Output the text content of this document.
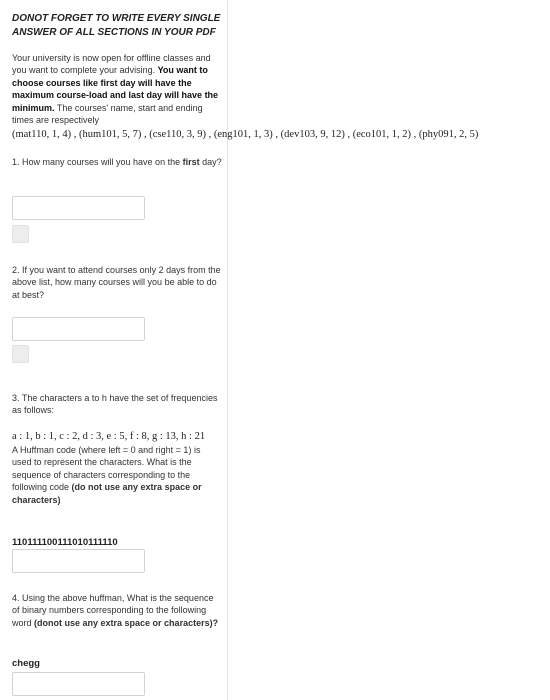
DONOT FORGET TO WRITE EVERY SINGLE ANSWER OF ALL SECTIONS IN YOUR PDF
Your university is now open for offline classes and you want to complete your advising. You want to choose courses like first day will have the maximum course-load and last day will have the minimum. The courses' name, start and ending times are respectively
(mat110, 1, 4) , (hum101, 5, 7) , (cse110, 3, 9) , (eng101, 1, 3) , (dev103, 9, 12) , (eco101, 1, 2) , (phy091, 2, 5)
1. How many courses will you have on the first day?
2. If you want to attend courses only 2 days from the above list, how many courses will you be able to do at best?
3. The characters a to h have the set of frequencies as follows:
a : 1, b : 1, c : 2, d : 3, e : 5, f : 8, g : 13, h : 21
A Huffman code (where left = 0 and right = 1) is used to represent the characters. What is the sequence of characters corresponding to the following code (do not use any extra space or characters)
110111100111010111110
4. Using the above huffman, What is the sequence of binary numbers corresponding to the following word (donot use any extra space or characters)?
chegg
